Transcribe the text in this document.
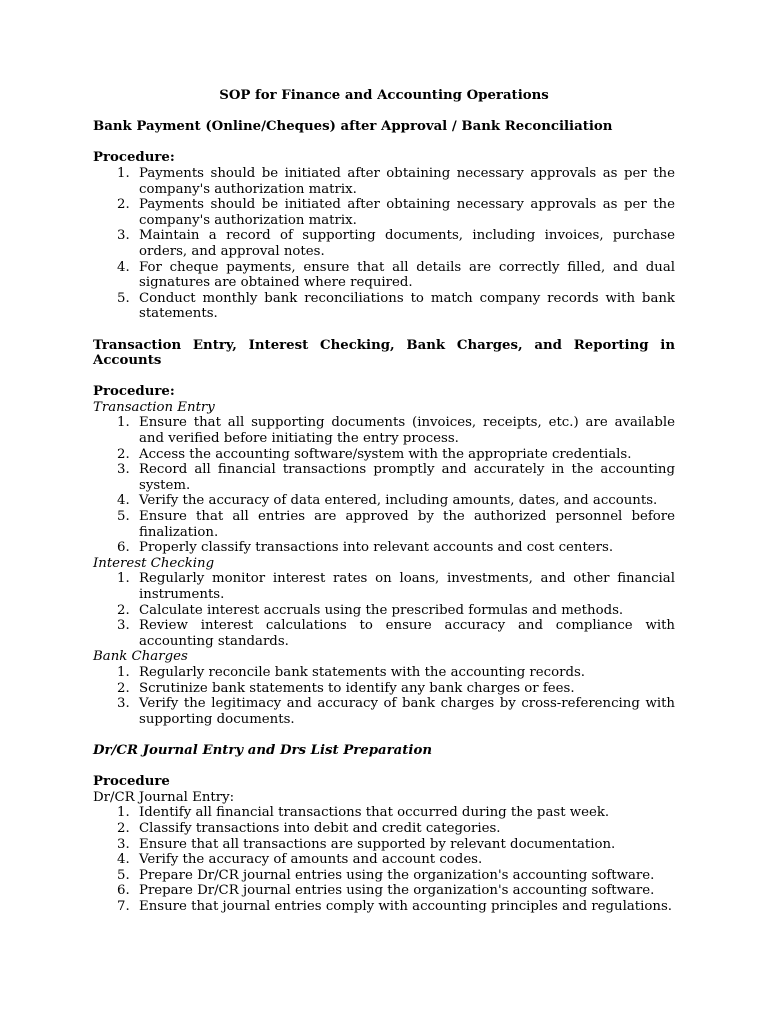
SOP for Finance and Accounting Operations

Bank Payment (Online/Cheques) after Approval / Bank Reconciliation

Procedure:

1. Payments should be initiated after obtaining necessary approvals as per the company's authorization matrix.
2. Payments should be initiated after obtaining necessary approvals as per the company's authorization matrix.
3. Maintain a record of supporting documents, including invoices, purchase orders, and approval notes.
4. For cheque payments, ensure that all details are correctly filled, and dual signatures are obtained where required.
5. Conduct monthly bank reconciliations to match company records with bank statements.

Transaction Entry, Interest Checking, Bank Charges, and Reporting in Accounts

Procedure:

Transaction Entry

1. Ensure that all supporting documents (invoices, receipts, etc.) are available and verified before initiating the entry process.
2. Access the accounting software/system with the appropriate credentials.
3. Record all financial transactions promptly and accurately in the accounting system.
4. Verify the accuracy of data entered, including amounts, dates, and accounts.
5. Ensure that all entries are approved by the authorized personnel before finalization.
6. Properly classify transactions into relevant accounts and cost centers.

Interest Checking

1. Regularly monitor interest rates on loans, investments, and other financial instruments.
2. Calculate interest accruals using the prescribed formulas and methods.
3. Review interest calculations to ensure accuracy and compliance with accounting standards.

Bank Charges

1. Regularly reconcile bank statements with the accounting records.
2. Scrutinize bank statements to identify any bank charges or fees.
3. Verify the legitimacy and accuracy of bank charges by cross-referencing with supporting documents.

Dr/CR Journal Entry and Drs List Preparation

Procedure

Dr/CR Journal Entry:

1. Identify all financial transactions that occurred during the past week.
2. Classify transactions into debit and credit categories.
3. Ensure that all transactions are supported by relevant documentation.
4. Verify the accuracy of amounts and account codes.
5. Prepare Dr/CR journal entries using the organization's accounting software.
6. Prepare Dr/CR journal entries using the organization's accounting software.
7. Ensure that journal entries comply with accounting principles and regulations.
